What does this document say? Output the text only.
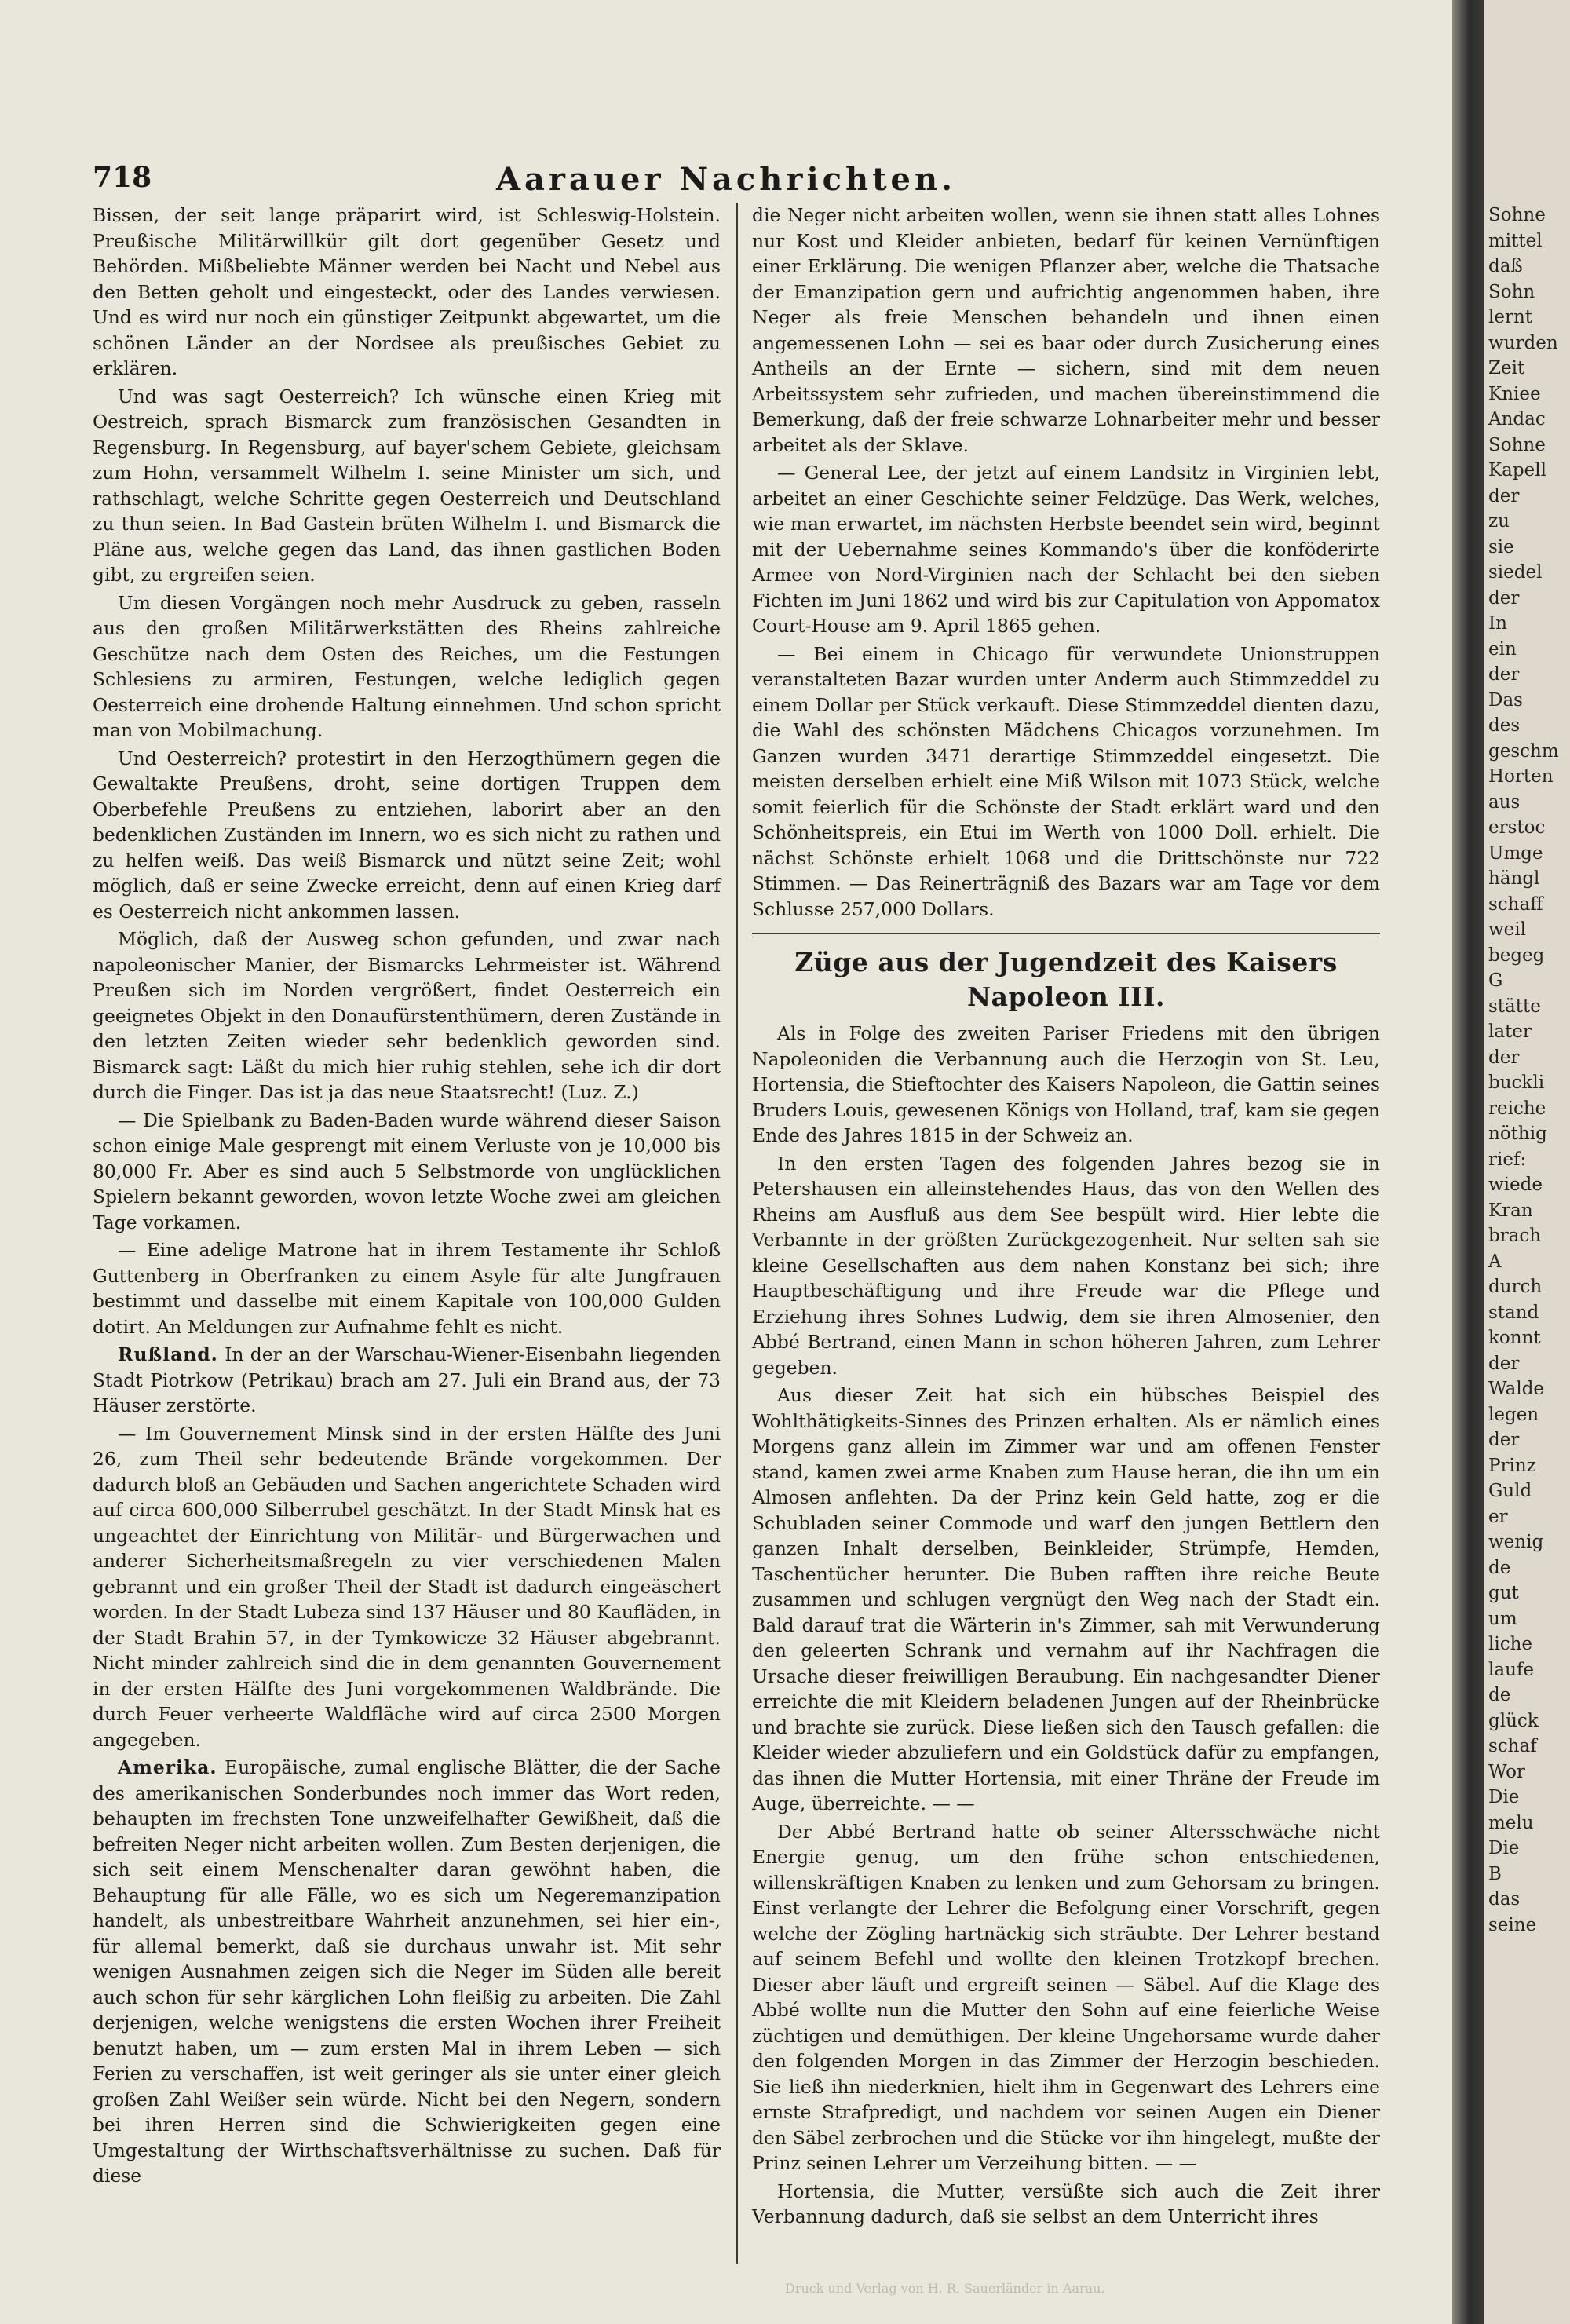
718	Aarauer Nachrichten.

Bissen, der seit lange präparirt wird, ist Schleswig-Holstein. Preußische Militärwillkür gilt dort gegenüber Gesetz und Behörden. Mißbeliebte Männer werden bei Nacht und Nebel aus den Betten geholt und eingesteckt, oder des Landes verwiesen. Und es wird nur noch ein günstiger Zeitpunkt abgewartet, um die schönen Länder an der Nordsee als preußisches Gebiet zu erklären.

Und was sagt Oesterreich? Ich wünsche einen Krieg mit Oestreich, sprach Bismarck zum französischen Gesandten in Regensburg. In Regensburg, auf bayer'schem Gebiete, gleichsam zum Hohn, versammelt Wilhelm I. seine Minister um sich, und rathschlagt, welche Schritte gegen Oesterreich und Deutschland zu thun seien. In Bad Gastein brüten Wilhelm I. und Bismarck die Pläne aus, welche gegen das Land, das ihnen gastlichen Boden gibt, zu ergreifen seien.

Um diesen Vorgängen noch mehr Ausdruck zu geben, rasseln aus den großen Militärwerkstätten des Rheins zahlreiche Geschütze nach dem Osten des Reiches, um die Festungen Schlesiens zu armiren, Festungen, welche lediglich gegen Oesterreich eine drohende Haltung einnehmen. Und schon spricht man von Mobilmachung.

Und Oesterreich? protestirt in den Herzogthümern gegen die Gewaltakte Preußens, droht, seine dortigen Truppen dem Oberbefehle Preußens zu entziehen, laborirt aber an den bedenklichen Zuständen im Innern, wo es sich nicht zu rathen und zu helfen weiß. Das weiß Bismarck und nützt seine Zeit; wohl möglich, daß er seine Zwecke erreicht, denn auf einen Krieg darf es Oesterreich nicht ankommen lassen.

Möglich, daß der Ausweg schon gefunden, und zwar nach napoleonischer Manier, der Bismarcks Lehrmeister ist. Während Preußen sich im Norden vergrößert, findet Oesterreich ein geeignetes Objekt in den Donaufürstenthümern, deren Zustände in den letzten Zeiten wieder sehr bedenklich geworden sind. Bismarck sagt: Läßt du mich hier ruhig stehlen, sehe ich dir dort durch die Finger. Das ist ja das neue Staatsrecht! (Luz. Z.)

— Die Spielbank zu Baden-Baden wurde während dieser Saison schon einige Male gesprengt mit einem Verluste von je 10,000 bis 80,000 Fr. Aber es sind auch 5 Selbstmorde von unglücklichen Spielern bekannt geworden, wovon letzte Woche zwei am gleichen Tage vorkamen.

— Eine adelige Matrone hat in ihrem Testamente ihr Schloß Guttenberg in Oberfranken zu einem Asyle für alte Jungfrauen bestimmt und dasselbe mit einem Kapitale von 100,000 Gulden dotirt. An Meldungen zur Aufnahme fehlt es nicht.

Rußland. In der an der Warschau-Wiener-Eisenbahn liegenden Stadt Piotrkow (Petrikau) brach am 27. Juli ein Brand aus, der 73 Häuser zerstörte.

— Im Gouvernement Minsk sind in der ersten Hälfte des Juni 26, zum Theil sehr bedeutende Brände vorgekommen. Der dadurch bloß an Gebäuden und Sachen angerichtete Schaden wird auf circa 600,000 Silberrubel geschätzt. In der Stadt Minsk hat es ungeachtet der Einrichtung von Militär- und Bürgerwachen und anderer Sicherheitsmaßregeln zu vier verschiedenen Malen gebrannt und ein großer Theil der Stadt ist dadurch eingeäschert worden. In der Stadt Lubeza sind 137 Häuser und 80 Kaufläden, in der Stadt Brahin 57, in der Tymkowicze 32 Häuser abgebrannt. Nicht minder zahlreich sind die in dem genannten Gouvernement in der ersten Hälfte des Juni vorgekommenen Waldbrände. Die durch Feuer verheerte Waldfläche wird auf circa 2500 Morgen angegeben.

Amerika. Europäische, zumal englische Blätter, die der Sache des amerikanischen Sonderbundes noch immer das Wort reden, behaupten im frechsten Tone unzweifelhafter Gewißheit, daß die befreiten Neger nicht arbeiten wollen. Zum Besten derjenigen, die sich seit einem Menschenalter daran gewöhnt haben, die Behauptung für alle Fälle, wo es sich um Negeremanzipation handelt, als unbestreitbare Wahrheit anzunehmen, sei hier ein-, für allemal bemerkt, daß sie durchaus unwahr ist. Mit sehr wenigen Ausnahmen zeigen sich die Neger im Süden alle bereit auch schon für sehr kärglichen Lohn fleißig zu arbeiten. Die Zahl derjenigen, welche wenigstens die ersten Wochen ihrer Freiheit benutzt haben, um — zum ersten Mal in ihrem Leben — sich Ferien zu verschaffen, ist weit geringer als sie unter einer gleich großen Zahl Weißer sein würde. Nicht bei den Negern, sondern bei ihren Herren sind die Schwierigkeiten gegen eine Umgestaltung der Wirthschaftsverhältnisse zu suchen. Daß für diese

die Neger nicht arbeiten wollen, wenn sie ihnen statt alles Lohnes nur Kost und Kleider anbieten, bedarf für keinen Vernünftigen einer Erklärung. Die wenigen Pflanzer aber, welche die Thatsache der Emanzipation gern und aufrichtig angenommen haben, ihre Neger als freie Menschen behandeln und ihnen einen angemessenen Lohn — sei es baar oder durch Zusicherung eines Antheils an der Ernte — sichern, sind mit dem neuen Arbeitssystem sehr zufrieden, und machen übereinstimmend die Bemerkung, daß der freie schwarze Lohnarbeiter mehr und besser arbeitet als der Sklave.

— General Lee, der jetzt auf einem Landsitz in Virginien lebt, arbeitet an einer Geschichte seiner Feldzüge. Das Werk, welches, wie man erwartet, im nächsten Herbste beendet sein wird, beginnt mit der Uebernahme seines Kommando's über die konföderirte Armee von Nord-Virginien nach der Schlacht bei den sieben Fichten im Juni 1862 und wird bis zur Capitulation von Appomatox Court-House am 9. April 1865 gehen.

— Bei einem in Chicago für verwundete Unionstruppen veranstalteten Bazar wurden unter Anderm auch Stimmzeddel zu einem Dollar per Stück verkauft. Diese Stimmzeddel dienten dazu, die Wahl des schönsten Mädchens Chicagos vorzunehmen. Im Ganzen wurden 3471 derartige Stimmzeddel eingesetzt. Die meisten derselben erhielt eine Miß Wilson mit 1073 Stück, welche somit feierlich für die Schönste der Stadt erklärt ward und den Schönheitspreis, ein Etui im Werth von 1000 Doll. erhielt. Die nächst Schönste erhielt 1068 und die Drittschönste nur 722 Stimmen. — Das Reinerträgniß des Bazars war am Tage vor dem Schlusse 257,000 Dollars.

Züge aus der Jugendzeit des Kaisers Napoleon III.

Als in Folge des zweiten Pariser Friedens mit den übrigen Napoleoniden die Verbannung auch die Herzogin von St. Leu, Hortensia, die Stieftochter des Kaisers Napoleon, die Gattin seines Bruders Louis, gewesenen Königs von Holland, traf, kam sie gegen Ende des Jahres 1815 in der Schweiz an.

In den ersten Tagen des folgenden Jahres bezog sie in Petershausen ein alleinstehendes Haus, das von den Wellen des Rheins am Ausfluß aus dem See bespült wird. Hier lebte die Verbannte in der größten Zurückgezogenheit. Nur selten sah sie kleine Gesellschaften aus dem nahen Konstanz bei sich; ihre Hauptbeschäftigung und ihre Freude war die Pflege und Erziehung ihres Sohnes Ludwig, dem sie ihren Almosenier, den Abbé Bertrand, einen Mann in schon höheren Jahren, zum Lehrer gegeben.

Aus dieser Zeit hat sich ein hübsches Beispiel des Wohlthätigkeits-Sinnes des Prinzen erhalten. Als er nämlich eines Morgens ganz allein im Zimmer war und am offenen Fenster stand, kamen zwei arme Knaben zum Hause heran, die ihn um ein Almosen anflehten. Da der Prinz kein Geld hatte, zog er die Schubladen seiner Commode und warf den jungen Bettlern den ganzen Inhalt derselben, Beinkleider, Strümpfe, Hemden, Taschentücher herunter. Die Buben rafften ihre reiche Beute zusammen und schlugen vergnügt den Weg nach der Stadt ein. Bald darauf trat die Wärterin in's Zimmer, sah mit Verwunderung den geleerten Schrank und vernahm auf ihr Nachfragen die Ursache dieser freiwilligen Beraubung. Ein nachgesandter Diener erreichte die mit Kleidern beladenen Jungen auf der Rheinbrücke und brachte sie zurück. Diese ließen sich den Tausch gefallen: die Kleider wieder abzuliefern und ein Goldstück dafür zu empfangen, das ihnen die Mutter Hortensia, mit einer Thräne der Freude im Auge, überreichte. — —

Der Abbé Bertrand hatte ob seiner Altersschwäche nicht Energie genug, um den frühe schon entschiedenen, willenskräftigen Knaben zu lenken und zum Gehorsam zu bringen. Einst verlangte der Lehrer die Befolgung einer Vorschrift, gegen welche der Zögling hartnäckig sich sträubte. Der Lehrer bestand auf seinem Befehl und wollte den kleinen Trotzkopf brechen. Dieser aber läuft und ergreift seinen — Säbel. Auf die Klage des Abbé wollte nun die Mutter den Sohn auf eine feierliche Weise züchtigen und demüthigen. Der kleine Ungehorsame wurde daher den folgenden Morgen in das Zimmer der Herzogin beschieden. Sie ließ ihn niederknien, hielt ihm in Gegenwart des Lehrers eine ernste Strafpredigt, und nachdem vor seinen Augen ein Diener den Säbel zerbrochen und die Stücke vor ihn hingelegt, mußte der Prinz seinen Lehrer um Verzeihung bitten. — —

Hortensia, die Mutter, versüßte sich auch die Zeit ihrer Verbannung dadurch, daß sie selbst an dem Unterricht ihres

Druck und Verlag von H. R. Sauerländer in Aarau.
Sohne
mittel
daß
Sohn
lernt
wurden
Zeit
Kniee
Andac
Sohne
Kapell
der
zu
sie
siedel
der
In
ein
der
Das
des
geschm
Horten
aus
erstoc
Umge
hängl
schaff
weil
begeg
G
stätte
later
der
buckli
reiche
nöthig
rief:
wiede
Kran
brach
A
durch
stand
konnt
der
Walde
legen
der
Prinz
Guld
er
wenig
de
gut
um
liche
laufe
de
glück
schaf
Wor
Die
melu
Die
B
das
seine
